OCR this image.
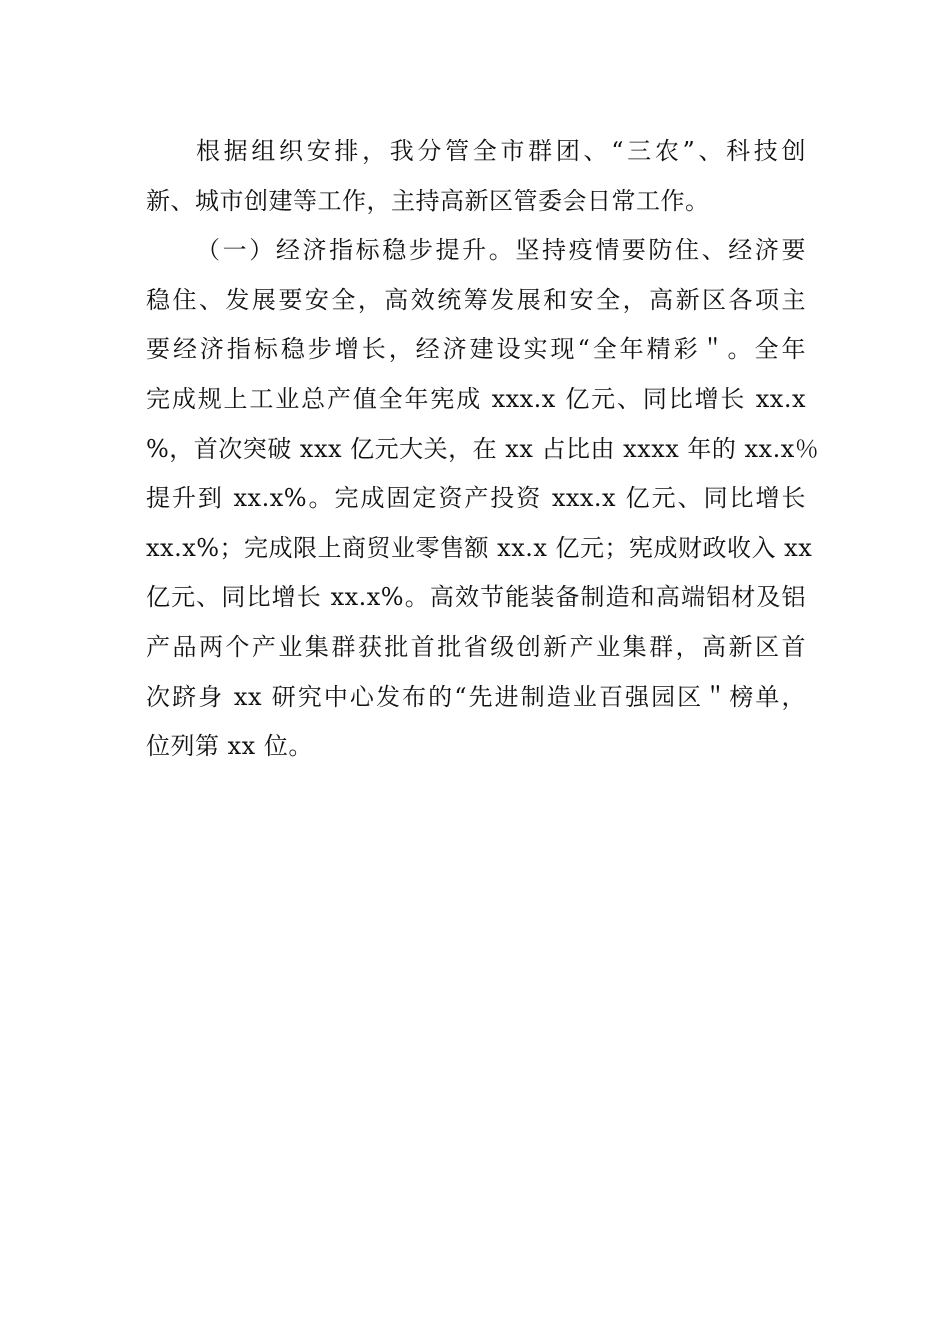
根据组织安排，我分管全市群团、“三农”、科技创
新、城市创建等工作，主持高新区管委会日常工作。
（一）经济指标稳步提升。坚持疫情要防住、经济要
稳住、发展要安全，高效统筹发展和安全，高新区各项主
要经济指标稳步增长，经济建设实现“全年精彩＂。全年
完成规上工业总产值全年宪成 xxx.x 亿元、同比增长 xx.x
%，首次突破 xxx 亿元大关，在 xx 占比由 xxxx 年的 xx.x％
提升到 xx.x%。完成固定资产投资 xxx.x 亿元、同比增长
xx.x%；完成限上商贸业零售额 xx.x 亿元；宪成财政收入 xx
亿元、同比增长 xx.x%。高效节能装备制造和高端铝材及铝
产品两个产业集群获批首批省级创新产业集群，高新区首
次跻身 xx 研究中心发布的“先进制造业百强园区＂榜单，
位列第 xx 位。
